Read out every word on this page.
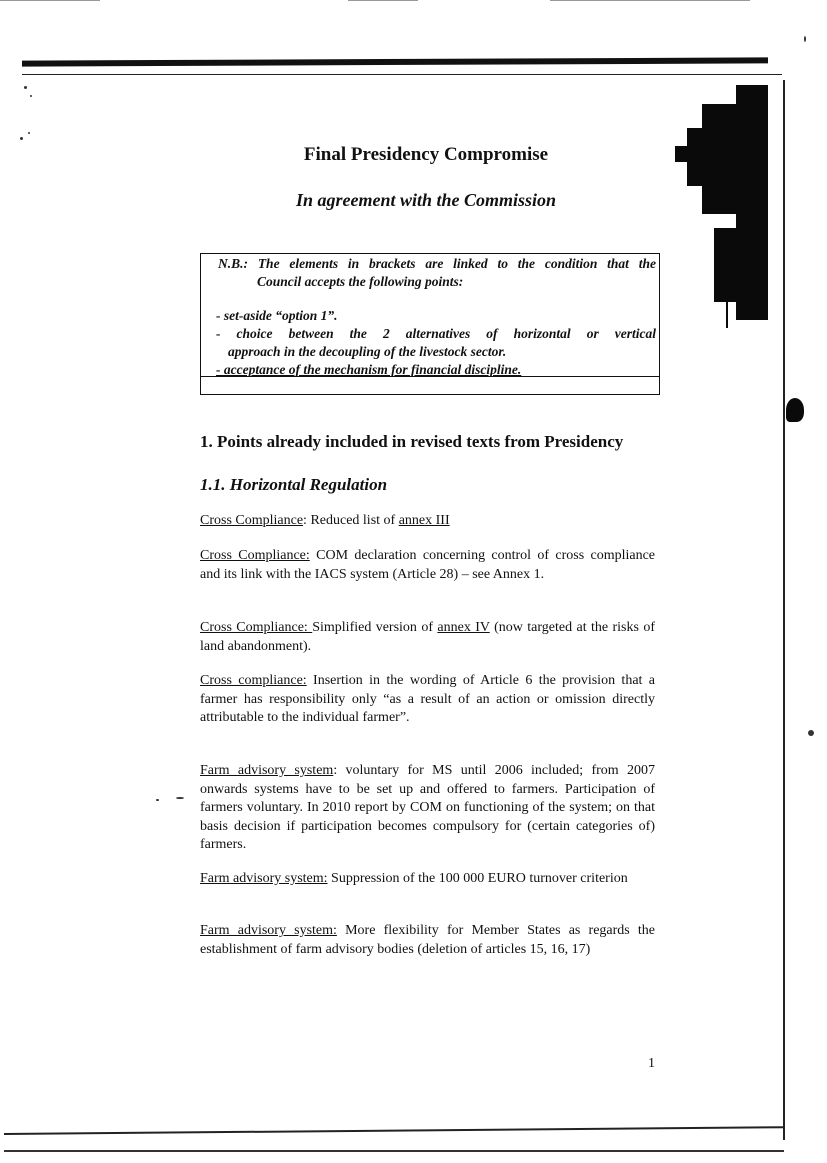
Final Presidency Compromise
In agreement with the Commission
N.B.: The elements in brackets are linked to the condition that the
Council accepts the following points:
- set-aside “option 1”.
- choice between the 2 alternatives of horizontal or vertical
approach in the decoupling of the livestock sector.
- acceptance of the mechanism for financial discipline.
1. Points already included in revised texts from Presidency
1.1. Horizontal Regulation
Cross Compliance: Reduced list of annex III
Cross Compliance: COM declaration concerning control of cross compliance and its link with the IACS system (Article 28) – see Annex 1.
Cross Compliance: Simplified version of annex IV (now targeted at the risks of land abandonment).
Cross compliance: Insertion in the wording of Article 6 the provision that a farmer has responsibility only “as a result of an action or omission directly attributable to the individual farmer”.
Farm advisory system: voluntary for MS until 2006 included; from 2007 onwards systems have to be set up and offered to farmers. Participation of farmers voluntary. In 2010 report by COM on functioning of the system; on that basis decision if participation becomes compulsory for (certain categories of) farmers.
Farm advisory system: Suppression of the 100 000 EURO turnover criterion
Farm advisory system: More flexibility for Member States as regards the establishment of farm advisory bodies (deletion of articles 15, 16, 17)
1
